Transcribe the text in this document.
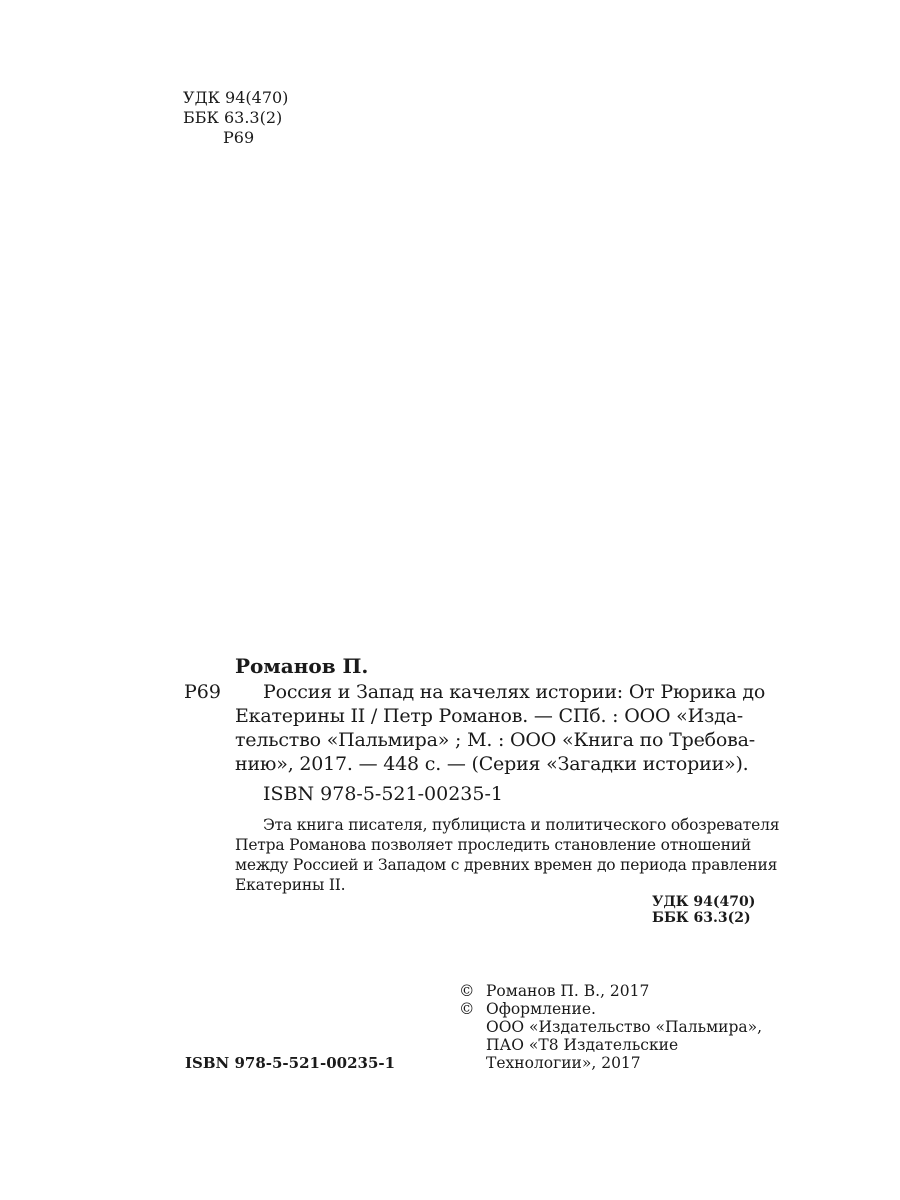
УДК 94(470)
ББК 63.3(2)
Р69
Романов П.
Р69 Россия и Запад на качелях истории: От Рюрика до
Екатерины II / Петр Романов. — СПб. : ООО «Изда-
тельство «Пальмира» ; М. : ООО «Книга по Требова-
нию», 2017. — 448 с. — (Серия «Загадки истории»).
ISBN 978-5-521-00235-1
Эта книга писателя, публициста и политического обозревателя
Петра Романова позволяет проследить становление отношений
между Россией и Западом с древних времен до периода правления
Екатерины II.
УДК 94(470)
ББК 63.3(2)
© Романов П. В., 2017
© Оформление.
ООО «Издательство «Пальмира»,
ПАО «Т8 Издательские
Технологии», 2017
ISBN 978-5-521-00235-1
